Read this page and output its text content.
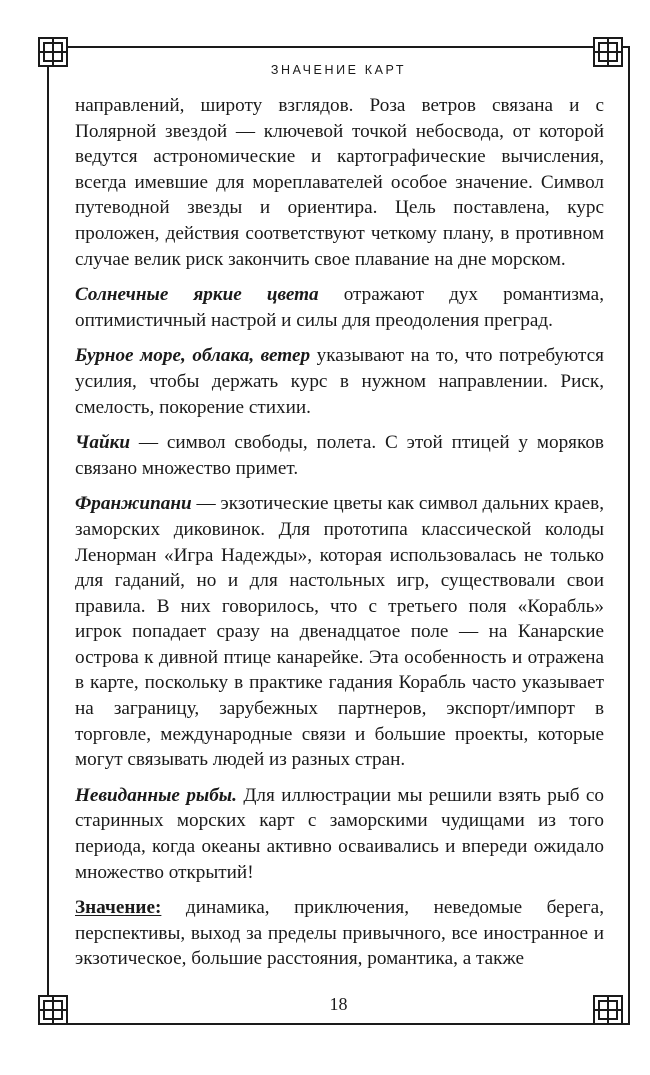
ЗНАЧЕНИЕ КАРТ

направлений, широту взглядов. Роза ветров связана и с Полярной звездой — ключевой точкой небосвода, от которой ведутся астрономические и картографические вычисления, всегда имевшие для мореплавателей особое значение. Символ путеводной звезды и ориентира. Цель поставлена, курс проложен, действия соответствуют четкому плану, в противном случае велик риск закончить свое плавание на дне морском.

Солнечные яркие цвета отражают дух романтизма, оптимистичный настрой и силы для преодоления преград.

Бурное море, облака, ветер указывают на то, что потребуются усилия, чтобы держать курс в нужном направлении. Риск, смелость, покорение стихии.

Чайки — символ свободы, полета. С этой птицей у моряков связано множество примет.

Франжипани — экзотические цветы как символ дальних краев, заморских диковинок. Для прототипа классической колоды Ленорман «Игра Надежды», которая использовалась не только для гаданий, но и для настольных игр, существовали свои правила. В них говорилось, что с третьего поля «Корабль» игрок попадает сразу на двенадцатое поле — на Канарские острова к дивной птице канарейке. Эта особенность и отражена в карте, поскольку в практике гадания Корабль часто указывает на заграницу, зарубежных партнеров, экспорт/импорт в торговле, международные связи и большие проекты, которые могут связывать людей из разных стран.

Невиданные рыбы. Для иллюстрации мы решили взять рыб со старинных морских карт с заморскими чудищами из того периода, когда океаны активно осваивались и впереди ожидало множество открытий!

Значение: динамика, приключения, неведомые берега, перспективы, выход за пределы привычного, все иностранное и экзотическое, большие расстояния, романтика, а также

18
